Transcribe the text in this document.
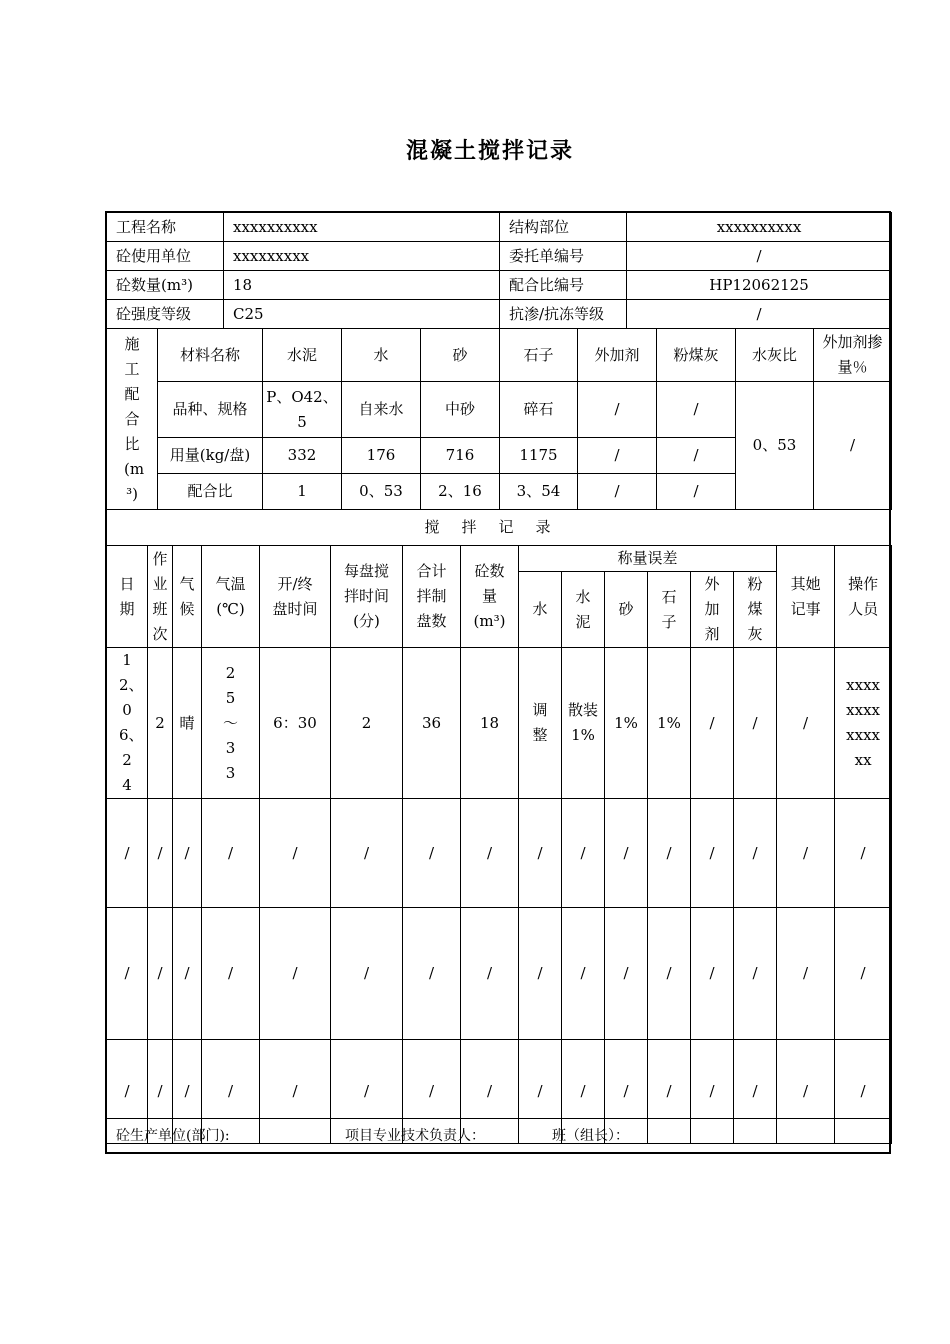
混凝土搅拌记录
工程名称	xxxxxxxxxx	结构部位	xxxxxxxxxx
砼使用单位	xxxxxxxxx	委托单编号	/
砼数量(m³)	18	配合比编号	HP12062125
砼强度等级	C25	抗渗/抗冻等级	/
施工配合比(m³)	材料名称	水泥	水	砂	石子	外加剂	粉煤灰	水灰比	外加剂掺量％
	品种、规格	P、O42、5	自来水	中砂	碎石	/	/	0、53	/
	用量(kg/盘)	332	176	716	1175	/	/		
	配合比	1	0、53	2、16	3、54	/	/		
搅拌记录
日期	作业班次	气候	气温(℃)	开/终盘时间	每盘搅拌时间(分)	合计拌制盘数	砼数量(m³)	称量误差						其她记事	操作人员
								水	水泥	砂	石子	外加剂	粉煤灰		
12、06、24	2	晴	25～33	6：30	2	36	18	调整	散装1%	1%	1%	/	/	/	xxxxxxxxxxxxxx
/	/	/	/	/	/	/	/	/	/	/	/	/	/	/	/
/	/	/	/	/	/	/	/	/	/	/	/	/	/	/	/
/	/	/	/	/	/	/	/	/	/	/	/	/	/	/	/
砼生产单位(部门):	项目专业技术负责人：	班（组长）：
